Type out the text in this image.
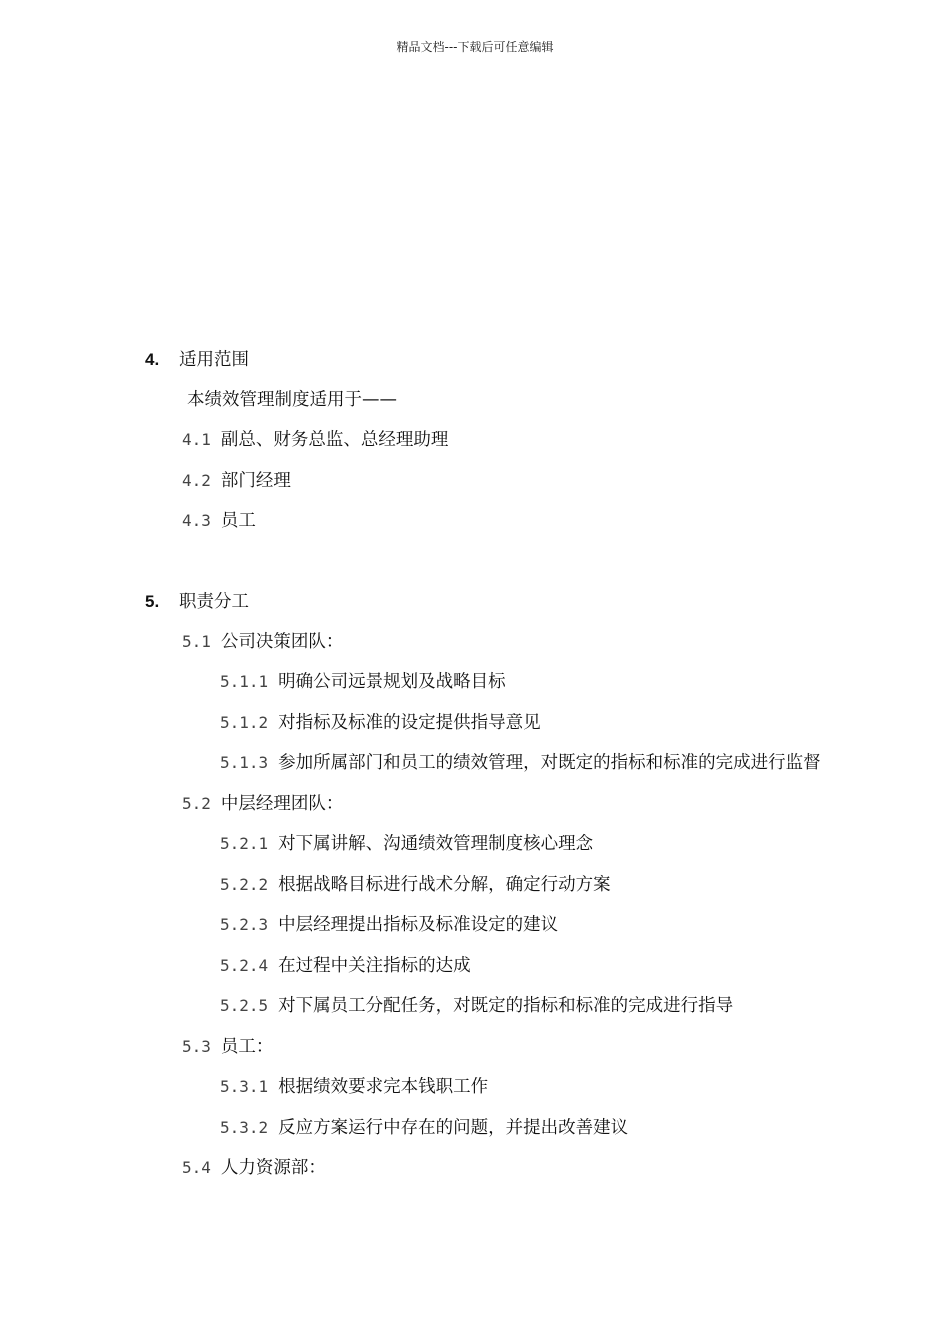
精品文档---下载后可任意编辑
4. 适用范围
本绩效管理制度适用于——
4.1 副总、财务总监、总经理助理
4.2 部门经理
4.3 员工
5. 职责分工
5.1 公司决策团队：
5.1.1 明确公司远景规划及战略目标
5.1.2 对指标及标准的设定提供指导意见
5.1.3 参加所属部门和员工的绩效管理，对既定的指标和标准的完成进行监督
5.2 中层经理团队：
5.2.1 对下属讲解、沟通绩效管理制度核心理念
5.2.2 根据战略目标进行战术分解，确定行动方案
5.2.3 中层经理提出指标及标准设定的建议
5.2.4 在过程中关注指标的达成
5.2.5 对下属员工分配任务，对既定的指标和标准的完成进行指导
5.3 员工：
5.3.1 根据绩效要求完本钱职工作
5.3.2 反应方案运行中存在的问题，并提出改善建议
5.4 人力资源部：
